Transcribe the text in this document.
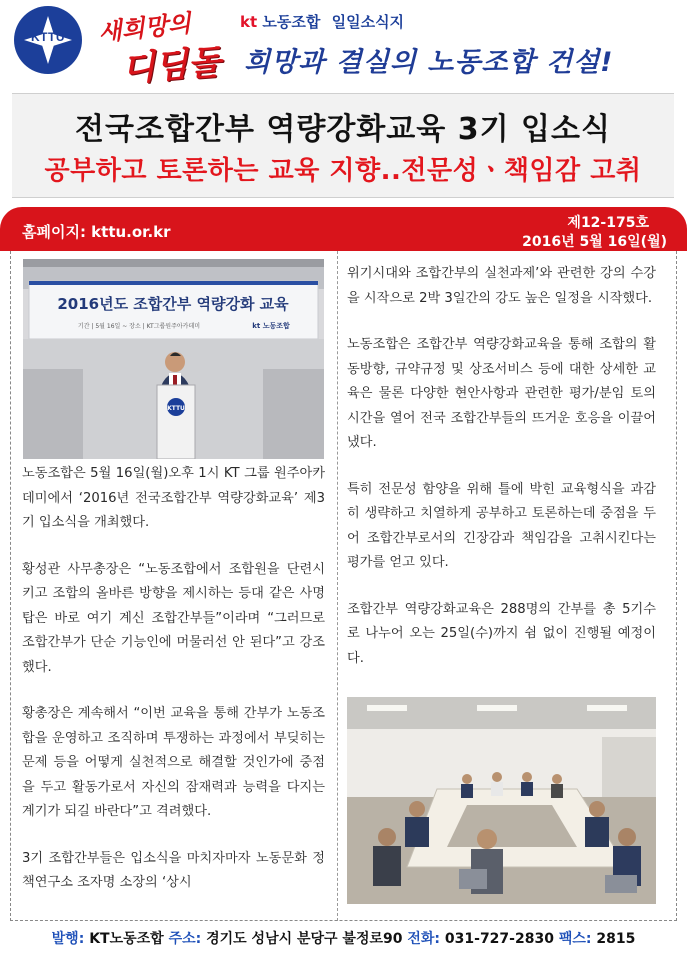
KTTU	새희망의
디딤돌
kt 노동조합 일일소식지
희망과 결실의 노동조합 건설!
전국조합간부 역량강화교육 3기 입소식
공부하고 토론하는 교육 지향..전문성ㆍ책임감 고취
홈페이지: kttu.or.kr	제12-175호
2016년 5월 16일(월)
2016년도 조합간부 역량강화 교육
기간 | 5월 16일 ~ 장소 | KT그룹원주아카데미	kt 노동조합
KTTU

노동조합은 5월 16일(월)오후 1시 KT 그룹 원주아카데미에서 ‘2016년 전국조합간부 역량강화교육’ 제3기 입소식을 개최했다.

황성관 사무총장은 “노동조합에서 조합원을 단련시키고 조합의 올바른 방향을 제시하는 등대 같은 사명탑은 바로 여기 계신 조합간부들”이라며 “그러므로 조합간부가 단순 기능인에 머물러선 안 된다”고 강조했다.

황총장은 계속해서 “이번 교육을 통해 간부가 노동조합을 운영하고 조직하며 투쟁하는 과정에서 부딪히는 문제 등을 어떻게 실천적으로 해결할 것인가에 중점을 두고 활동가로서 자신의 잠재력과 능력을 다지는 계기가 되길 바란다”고 격려했다.

3기 조합간부들은 입소식을 마치자마자 노동문화 정책연구소 조자명 소장의 ‘상시

위기시대와 조합간부의 실천과제’와 관련한 강의 수강을 시작으로 2박 3일간의 강도 높은 일정을 시작했다.

노동조합은 조합간부 역량강화교육을 통해 조합의 활동방향, 규약규정 및 상조서비스 등에 대한 상세한 교육은 물론 다양한 현안사항과 관련한 평가/분임 토의시간을 열어 전국 조합간부들의 뜨거운 호응을 이끌어냈다.

특히 전문성 함양을 위해 틀에 박힌 교육형식을 과감히 생략하고 치열하게 공부하고 토론하는데 중점을 두어 조합간부로서의 긴장감과 책임감을 고취시킨다는 평가를 얻고 있다.

조합간부 역량강화교육은 288명의 간부를 총 5기수로 나누어 오는 25일(수)까지 쉼 없이 진행될 예정이다.

발행: KT노동조합 주소: 경기도 성남시 분당구 불정로90 전화: 031-727-2830 팩스: 2815
